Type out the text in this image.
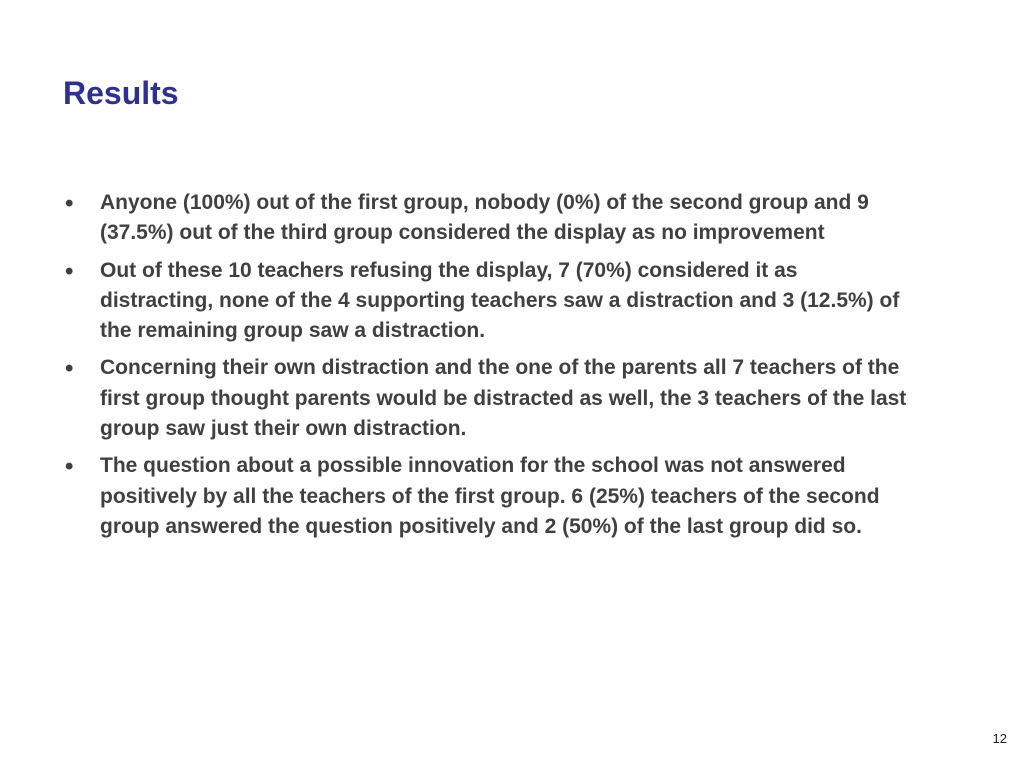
Results
• Anyone (100%) out of the first group, nobody (0%) of the second group and 9 (37.5%) out of the third group considered the display as no improvement
• Out of these 10 teachers refusing the display, 7 (70%) considered it as distracting, none of the 4 supporting teachers saw a distraction and 3 (12.5%) of the remaining group saw a distraction.
• Concerning their own distraction and the one of the parents all 7 teachers of the first group thought parents would be distracted as well, the 3 teachers of the last group saw just their own distraction.
• The question about a possible innovation for the school was not answered positively by all the teachers of the first group. 6 (25%) teachers of the second group answered the question positively and 2 (50%) of the last group did so.
12
